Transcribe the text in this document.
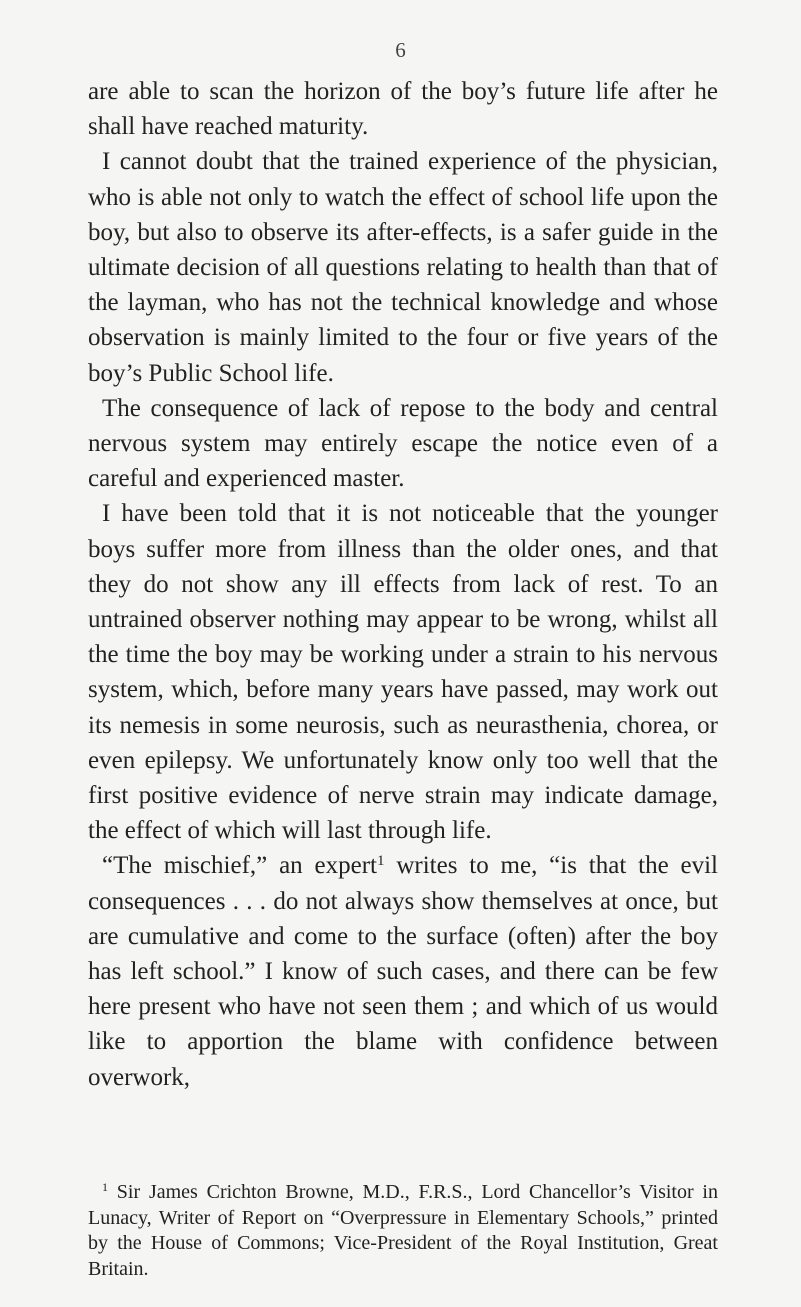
6

are able to scan the horizon of the boy’s future life after he shall have reached maturity.

I cannot doubt that the trained experience of the physician, who is able not only to watch the effect of school life upon the boy, but also to observe its after-effects, is a safer guide in the ultimate decision of all questions relating to health than that of the layman, who has not the technical knowledge and whose observation is mainly limited to the four or five years of the boy’s Public School life.

The consequence of lack of repose to the body and central nervous system may entirely escape the notice even of a careful and experienced master.

I have been told that it is not noticeable that the younger boys suffer more from illness than the older ones, and that they do not show any ill effects from lack of rest. To an untrained observer nothing may appear to be wrong, whilst all the time the boy may be working under a strain to his nervous system, which, before many years have passed, may work out its nemesis in some neurosis, such as neurasthenia, chorea, or even epilepsy. We unfortunately know only too well that the first positive evidence of nerve strain may indicate damage, the effect of which will last through life.

“The mischief,” an expert$^1$ writes to me, “is that the evil consequences . . . do not always show themselves at once, but are cumulative and come to the surface (often) after the boy has left school.” I know of such cases, and there can be few here present who have not seen them ; and which of us would like to apportion the blame with confidence between overwork,

$^1$ Sir James Crichton Browne, M.D., F.R.S., Lord Chancellor’s Visitor in Lunacy, Writer of Report on “Overpressure in Elementary Schools,” printed by the House of Commons; Vice-President of the Royal Institution, Great Britain.
